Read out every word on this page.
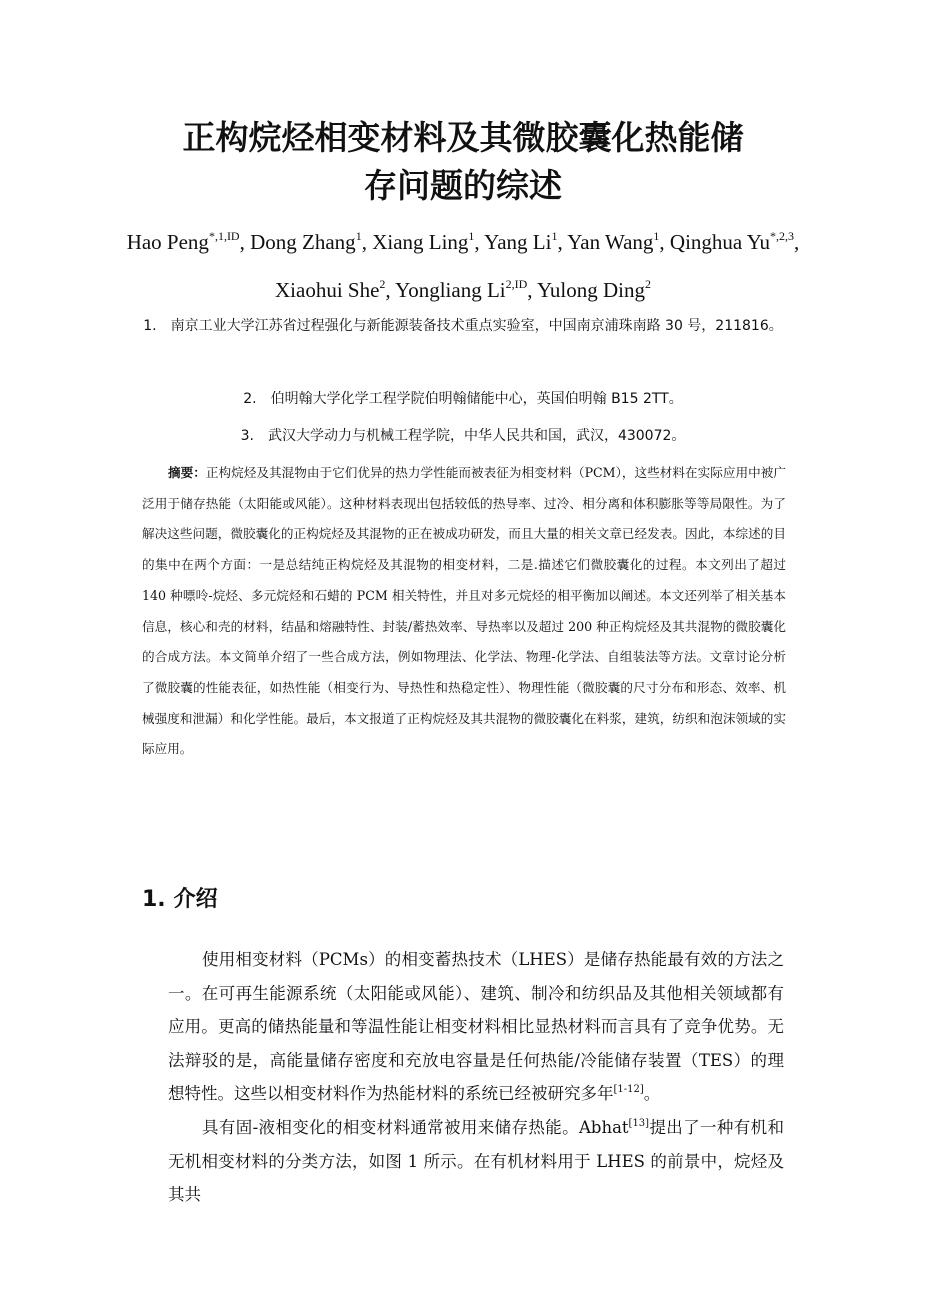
正构烷烃相变材料及其微胶囊化热能储
存问题的综述
Hao Peng$^{*,1,ID}$, Dong Zhang$^1$, Xiang Ling$^1$, Yang Li$^1$, Yan Wang$^1$, Qinghua $Yu^{*,2,3}$, Xiaohui She$^2$, Yongliang $Li^{2,ID}$, Yulong Ding$^2$
1. 南京工业大学江苏省过程强化与新能源装备技术重点实验室，中国南京浦珠南路 30 号，211816。
2. 伯明翰大学化学工程学院伯明翰储能中心，英国伯明翰 B15 2TT。
3. 武汉大学动力与机械工程学院，中华人民共和国，武汉，430072。
摘要：正构烷烃及其混物由于它们优异的热力学性能而被表征为相变材料（PCM），这些材料在实际应用中被广泛用于储存热能（太阳能或风能）。这种材料表现出包括较低的热导率、过冷、相分离和体积膨胀等等局限性。为了解决这些问题，微胶囊化的正构烷烃及其混物的正在被成功研发，而且大量的相关文章已经发表。因此，本综述的目的集中在两个方面：一是总结纯正构烷烃及其混物的相变材料，二是.描述它们微胶囊化的过程。本文列出了超过 140 种嘌呤-烷烃、多元烷烃和石蜡的 PCM 相关特性，并且对多元烷烃的相平衡加以阐述。本文还列举了相关基本信息，核心和壳的材料，结晶和熔融特性、封装/蓄热效率、导热率以及超过 200 种正构烷烃及其共混物的微胶囊化的合成方法。本文简单介绍了一些合成方法，例如物理法、化学法、物理-化学法、自组装法等方法。文章讨论分析了微胶囊的性能表征，如热性能（相变行为、导热性和热稳定性）、物理性能（微胶囊的尺寸分布和形态、效率、机械强度和泄漏）和化学性能。最后，本文报道了正构烷烃及其共混物的微胶囊化在料浆，建筑，纺织和泡沫领域的实际应用。
1. 介绍

使用相变材料（PCMs）的相变蓄热技术（LHES）是储存热能最有效的方法之一。在可再生能源系统（太阳能或风能）、建筑、制冷和纺织品及其他相关领域都有应用。更高的储热能量和等温性能让相变材料相比显热材料而言具有了竞争优势。无法辩驳的是，高能量储存密度和充放电容量是任何热能/冷能储存装置（TES）的理想特性。这些以相变材料作为热能材料的系统已经被研究多年[1-12]。

具有固-液相变化的相变材料通常被用来储存热能。Abhat[13]提出了一种有机和无机相变材料的分类方法，如图 1 所示。在有机材料用于 LHES 的前景中，烷烃及其共
